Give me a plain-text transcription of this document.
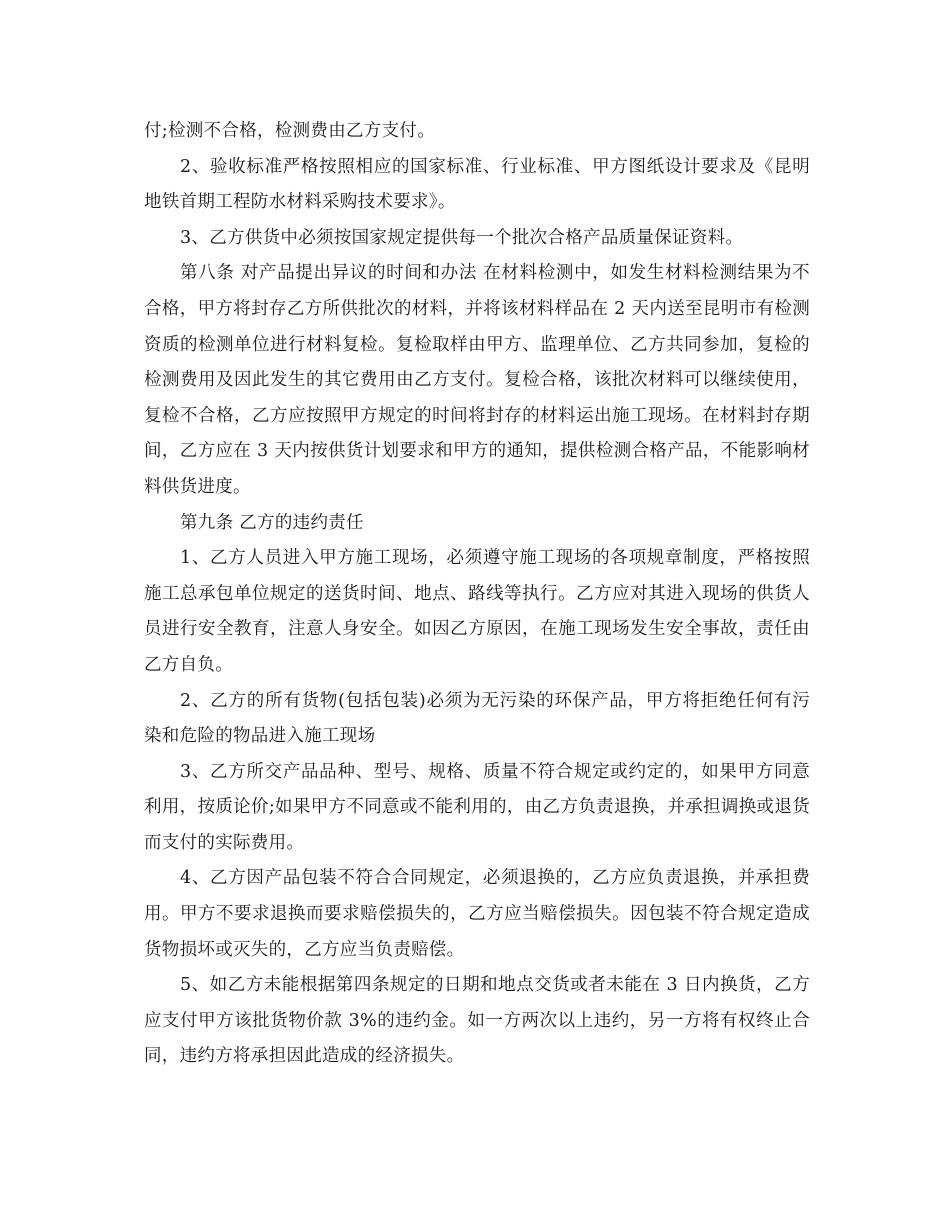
付;检测不合格，检测费由乙方支付。

2、验收标准严格按照相应的国家标准、行业标准、甲方图纸设计要求及《昆明地铁首期工程防水材料采购技术要求》。

3、乙方供货中必须按国家规定提供每一个批次合格产品质量保证资料。

第八条 对产品提出异议的时间和办法 在材料检测中，如发生材料检测结果为不合格，甲方将封存乙方所供批次的材料，并将该材料样品在 2 天内送至昆明市有检测资质的检测单位进行材料复检。复检取样由甲方、监理单位、乙方共同参加，复检的检测费用及因此发生的其它费用由乙方支付。复检合格，该批次材料可以继续使用，复检不合格，乙方应按照甲方规定的时间将封存的材料运出施工现场。在材料封存期间，乙方应在 3 天内按供货计划要求和甲方的通知，提供检测合格产品，不能影响材料供货进度。

第九条 乙方的违约责任

1、乙方人员进入甲方施工现场，必须遵守施工现场的各项规章制度，严格按照施工总承包单位规定的送货时间、地点、路线等执行。乙方应对其进入现场的供货人员进行安全教育，注意人身安全。如因乙方原因，在施工现场发生安全事故，责任由乙方自负。

2、乙方的所有货物(包括包装)必须为无污染的环保产品，甲方将拒绝任何有污染和危险的物品进入施工现场

3、乙方所交产品品种、型号、规格、质量不符合规定或约定的，如果甲方同意利用，按质论价;如果甲方不同意或不能利用的，由乙方负责退换，并承担调换或退货而支付的实际费用。

4、乙方因产品包装不符合合同规定，必须退换的，乙方应负责退换，并承担费用。甲方不要求退换而要求赔偿损失的，乙方应当赔偿损失。因包装不符合规定造成货物损坏或灭失的，乙方应当负责赔偿。

5、如乙方未能根据第四条规定的日期和地点交货或者未能在 3 日内换货，乙方应支付甲方该批货物价款 3%的违约金。如一方两次以上违约，另一方将有权终止合同，违约方将承担因此造成的经济损失。
